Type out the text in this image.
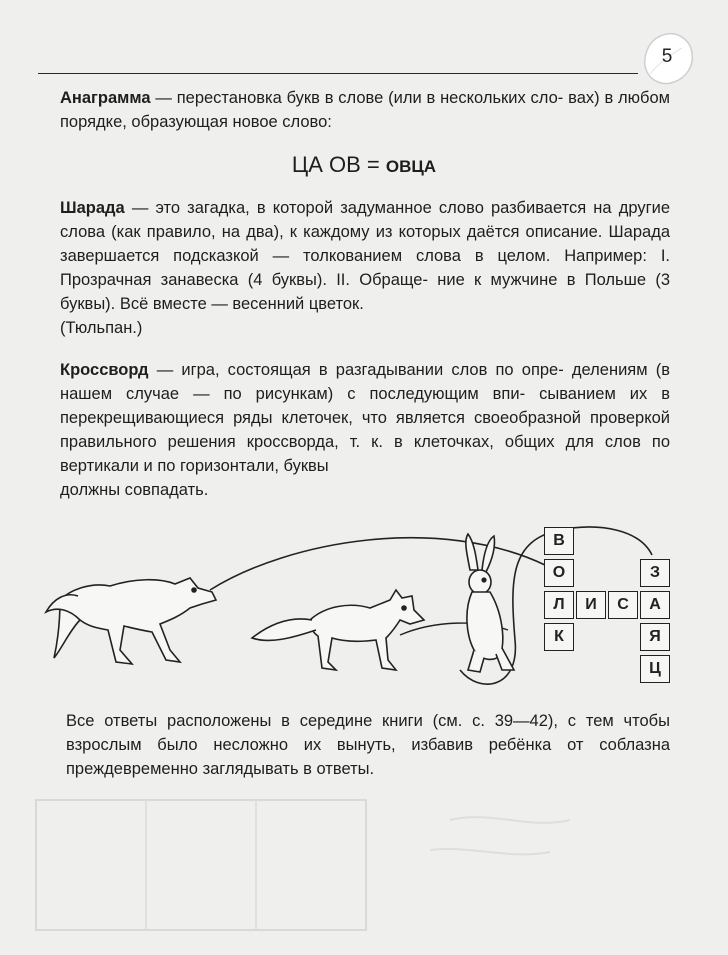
5

Анаграмма — перестановка букв в слове (или в нескольких сло- вах) в любом порядке, образующая новое слово:

ЦА ОВ = ОВЦА

Шарада — это загадка, в которой задуманное слово разбивается на другие слова (как правило, на два), к каждому из которых даётся описание. Шарада завершается подсказкой — толкованием слова в целом. Например: I. Прозрачная занавеска (4 буквы). II. Обраще- ние к мужчине в Польше (3 буквы). Всё вместе — весенний цветок.
(Тюльпан.)

Кроссворд — игра, состоящая в разгадывании слов по опре- делениям (в нашем случае — по рисункам) с последующим впи- сыванием их в перекрещивающиеся ряды клеточек, что является своеобразной проверкой правильного решения кроссворда, т. к. в клеточках, общих для слов по вертикали и по горизонтали, буквы
должны совпадать.

В
О
Л
К
И	С
З
А
Я
Ц

Все ответы расположены в середине книги (см. с. 39—42), с тем чтобы взрослым было несложно их вынуть, избавив ребёнка от соблазна преждевременно заглядывать в ответы.
